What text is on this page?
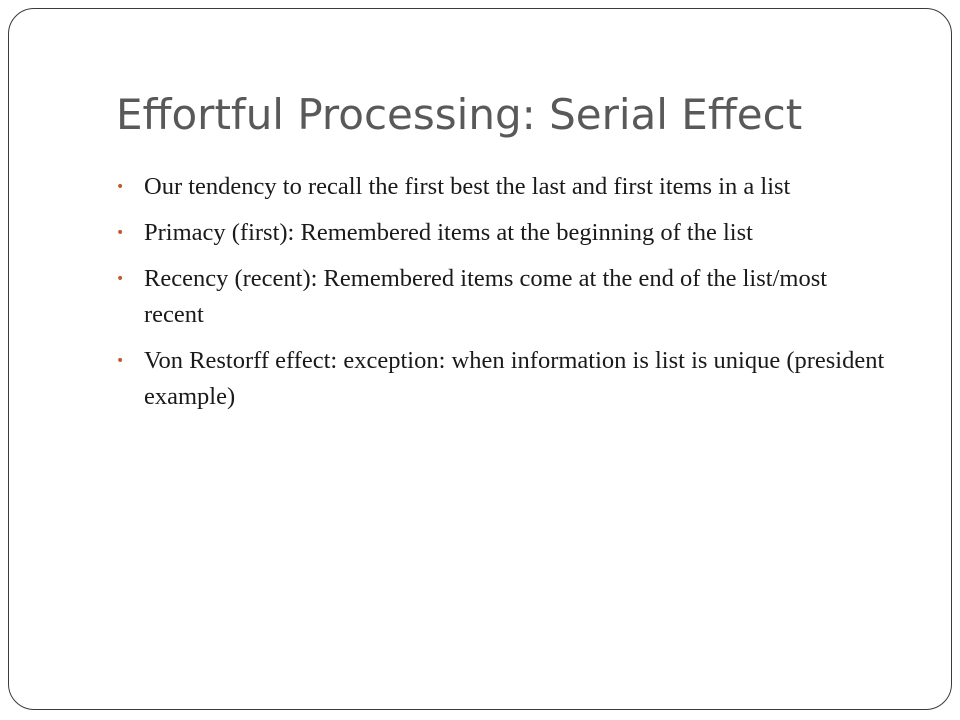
Effortful Processing: Serial Effect
• Our tendency to recall the first best the last and first items in a list
• Primacy (first): Remembered items at the beginning of the list
• Recency (recent): Remembered items come at the end of the list/most recent
• Von Restorff effect: exception: when information is list is unique (president example)
